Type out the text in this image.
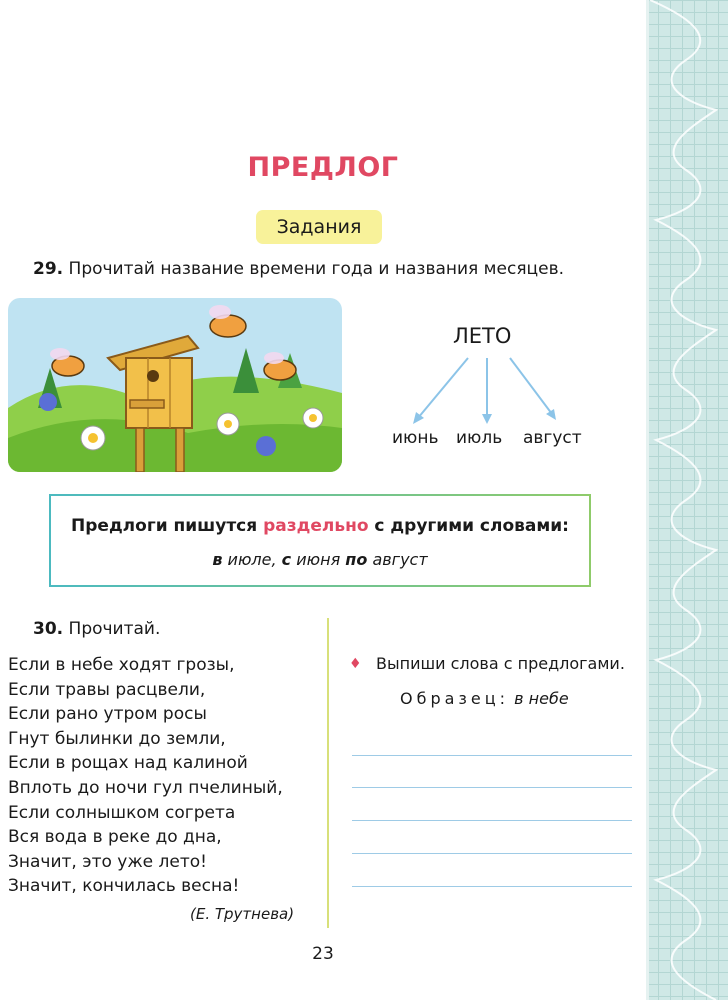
ПРЕДЛОГ
Задания
29. Прочитай название времени года и названия месяцев.
ЛЕТО
июнь июль август
Предлоги пишутся раздельно с другими словами:
в июле, с июня по август
30. Прочитай.
Если в небе ходят грозы,
Если травы расцвели,
Если рано утром росы
Гнут былинки до земли,
Если в рощах над калиной
Вплоть до ночи гул пчелиный,
Если солнышком согрета
Вся вода в реке до дна,
Значит, это уже лето!
Значит, кончилась весна!
(Е. Трутнева)
♦ Выпиши слова с предлогами.
Образец: в небе
23
